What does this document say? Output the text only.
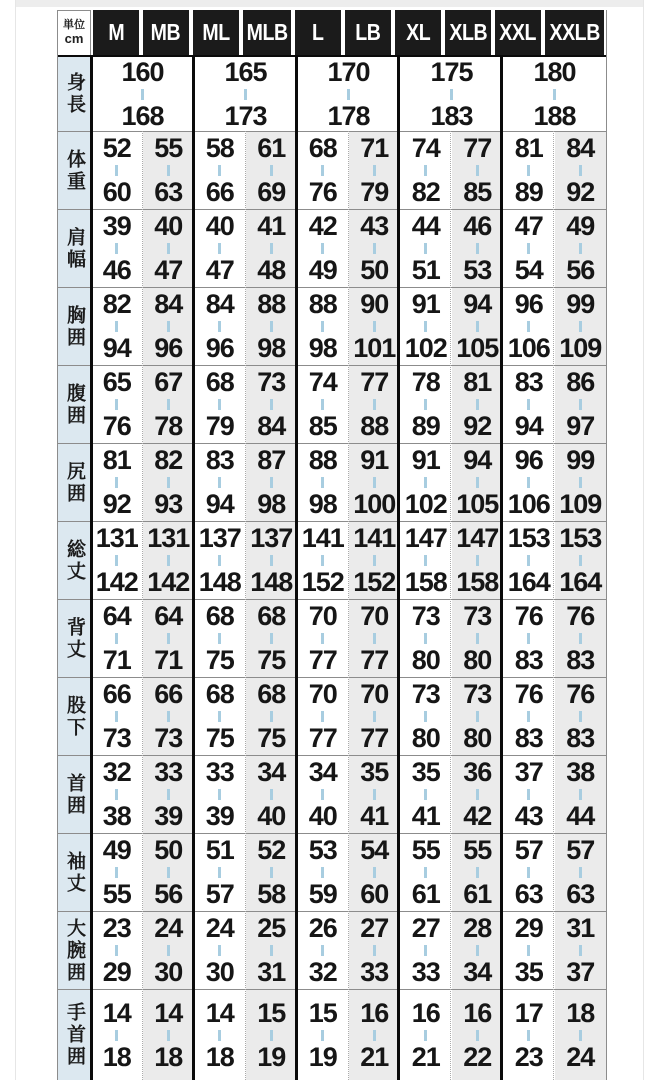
単位
cm M MB ML MLB L LB XL XLB XXL XXLB
身長
160
168
165
173
170
178
175
183
180
188
体重
52
60
55
63
58
66
61
69
68
76
71
79
74
82
77
85
81
89
84
92
肩幅
39
46
40
47
40
47
41
48
42
49
43
50
44
51
46
53
47
54
49
56
胸囲
82
94
84
96
84
96
88
98
88
98
90
101
91
102
94
105
96
106
99
109
腹囲
65
76
67
78
68
79
73
84
74
85
77
88
78
89
81
92
83
94
86
97
尻囲
81
92
82
93
83
94
87
98
88
98
91
100
91
102
94
105
96
106
99
109
総丈
131
142
131
142
137
148
137
148
141
152
141
152
147
158
147
158
153
164
153
164
背丈
64
71
64
71
68
75
68
75
70
77
70
77
73
80
73
80
76
83
76
83
股下
66
73
66
73
68
75
68
75
70
77
70
77
73
80
73
80
76
83
76
83
首囲
32
38
33
39
33
39
34
40
34
40
35
41
35
41
36
42
37
43
38
44
袖丈
49
55
50
56
51
57
52
58
53
59
54
60
55
61
55
61
57
63
57
63
大腕囲 23
29
24
30
24
30
25
31
26
32
27
33
27
33
28
34
29
35
31
37
手首囲 14
18
14
18
14
18
15
19
15
19
16
21
16
21
16
22
17
23
18
24
